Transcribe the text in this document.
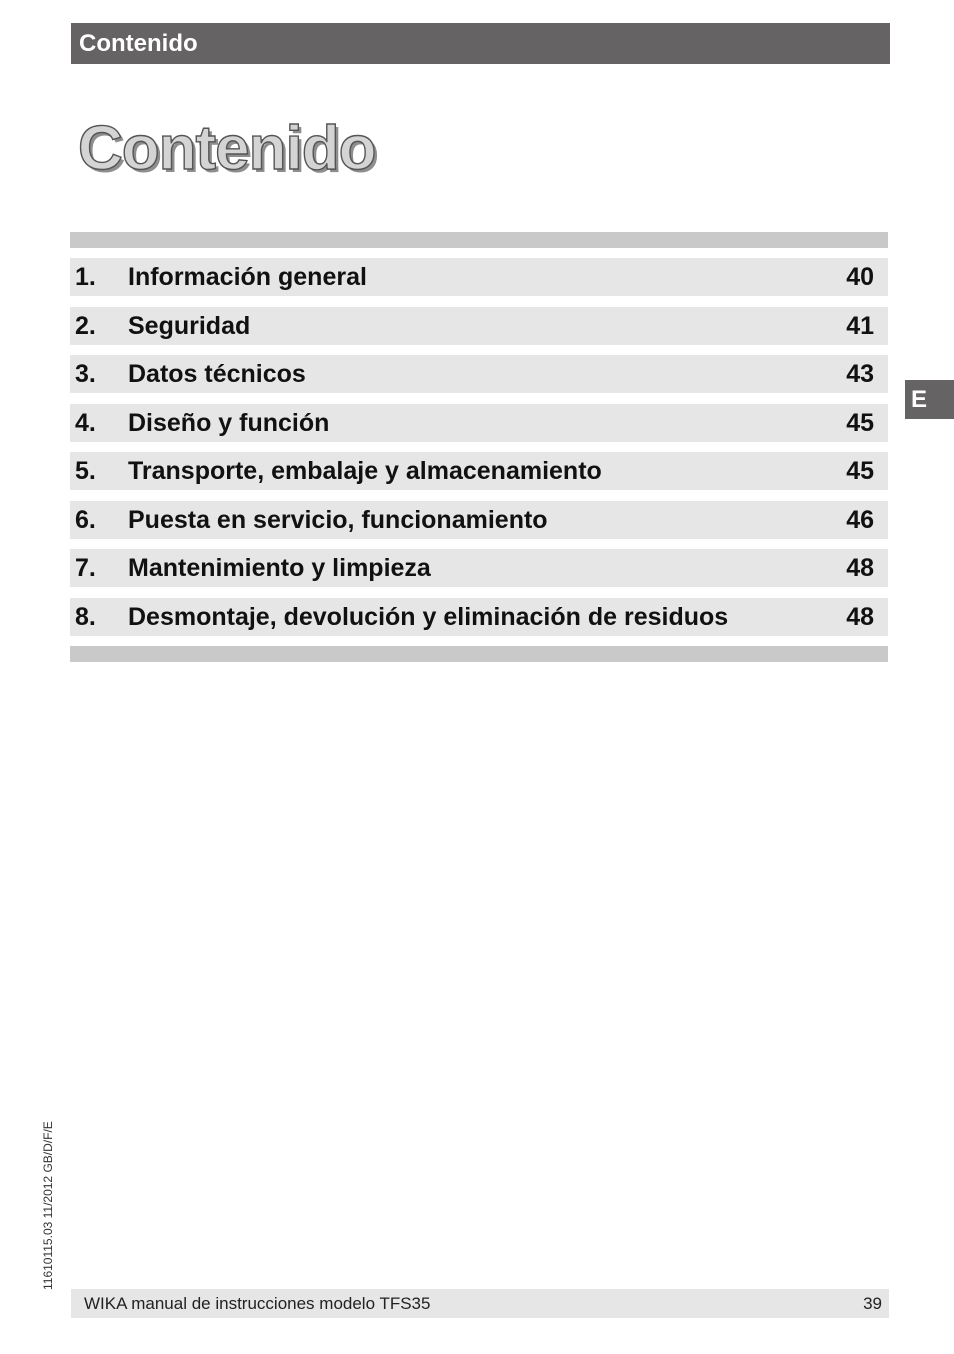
Contenido
Contenido
1. Información general	40
2. Seguridad	41
3. Datos técnicos	43
4. Diseño y función	45
5. Transporte, embalaje y almacenamiento	45
6. Puesta en servicio, funcionamiento	46
7. Mantenimiento y limpieza	48
8. Desmontaje, devolución y eliminación de residuos	48
E
11610115.03 11/2012 GB/D/F/E
WIKA manual de instrucciones modelo TFS35	39
